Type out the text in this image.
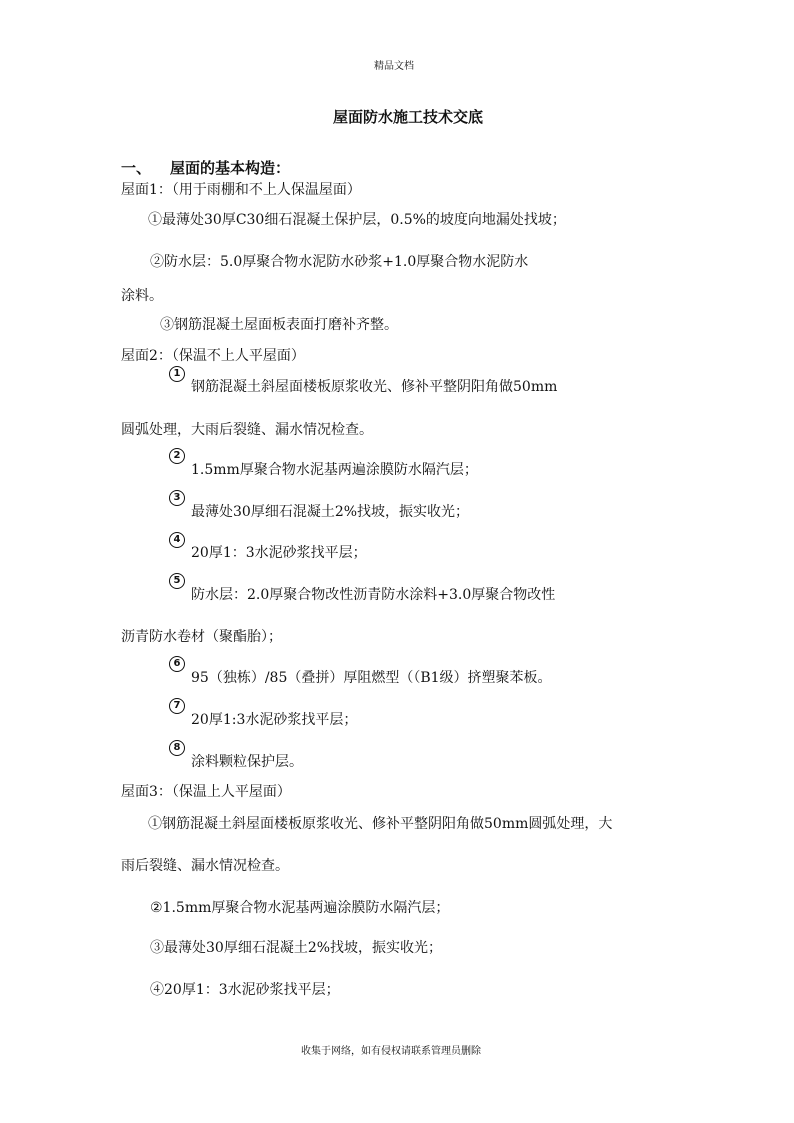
精品文档
屋面防水施工技术交底
一、 屋面的基本构造：
屋面1：（用于雨棚和不上人保温屋面）
①最薄处30厚C30细石混凝土保护层，0.5%的坡度向地漏处找坡；
②防水层：5.0厚聚合物水泥防水砂浆+1.0厚聚合物水泥防水
涂料。
③钢筋混凝土屋面板表面打磨补齐整。
屋面2：（保温不上人平屋面）
1
钢筋混凝土斜屋面楼板原浆收光、修补平整阴阳角做50mm
圆弧处理，大雨后裂缝、漏水情况检查。
2
1.5mm厚聚合物水泥基两遍涂膜防水隔汽层；
3
最薄处30厚细石混凝土2%找坡，振实收光；
4
20厚1：3水泥砂浆找平层；
5
防水层：2.0厚聚合物改性沥青防水涂料+3.0厚聚合物改性
沥青防水卷材（聚酯胎）；
6
95（独栋）/85（叠拼）厚阻燃型（（B1级）挤塑聚苯板。
7
20厚1:3水泥砂浆找平层；
8
涂料颗粒保护层。
屋面3：（保温上人平屋面）
①钢筋混凝土斜屋面楼板原浆收光、修补平整阴阳角做50mm圆弧处理，大
雨后裂缝、漏水情况检查。
②1.5mm厚聚合物水泥基两遍涂膜防水隔汽层；
③最薄处30厚细石混凝土2%找坡，振实收光；
④20厚1：3水泥砂浆找平层；
收集于网络，如有侵权请联系管理员删除
